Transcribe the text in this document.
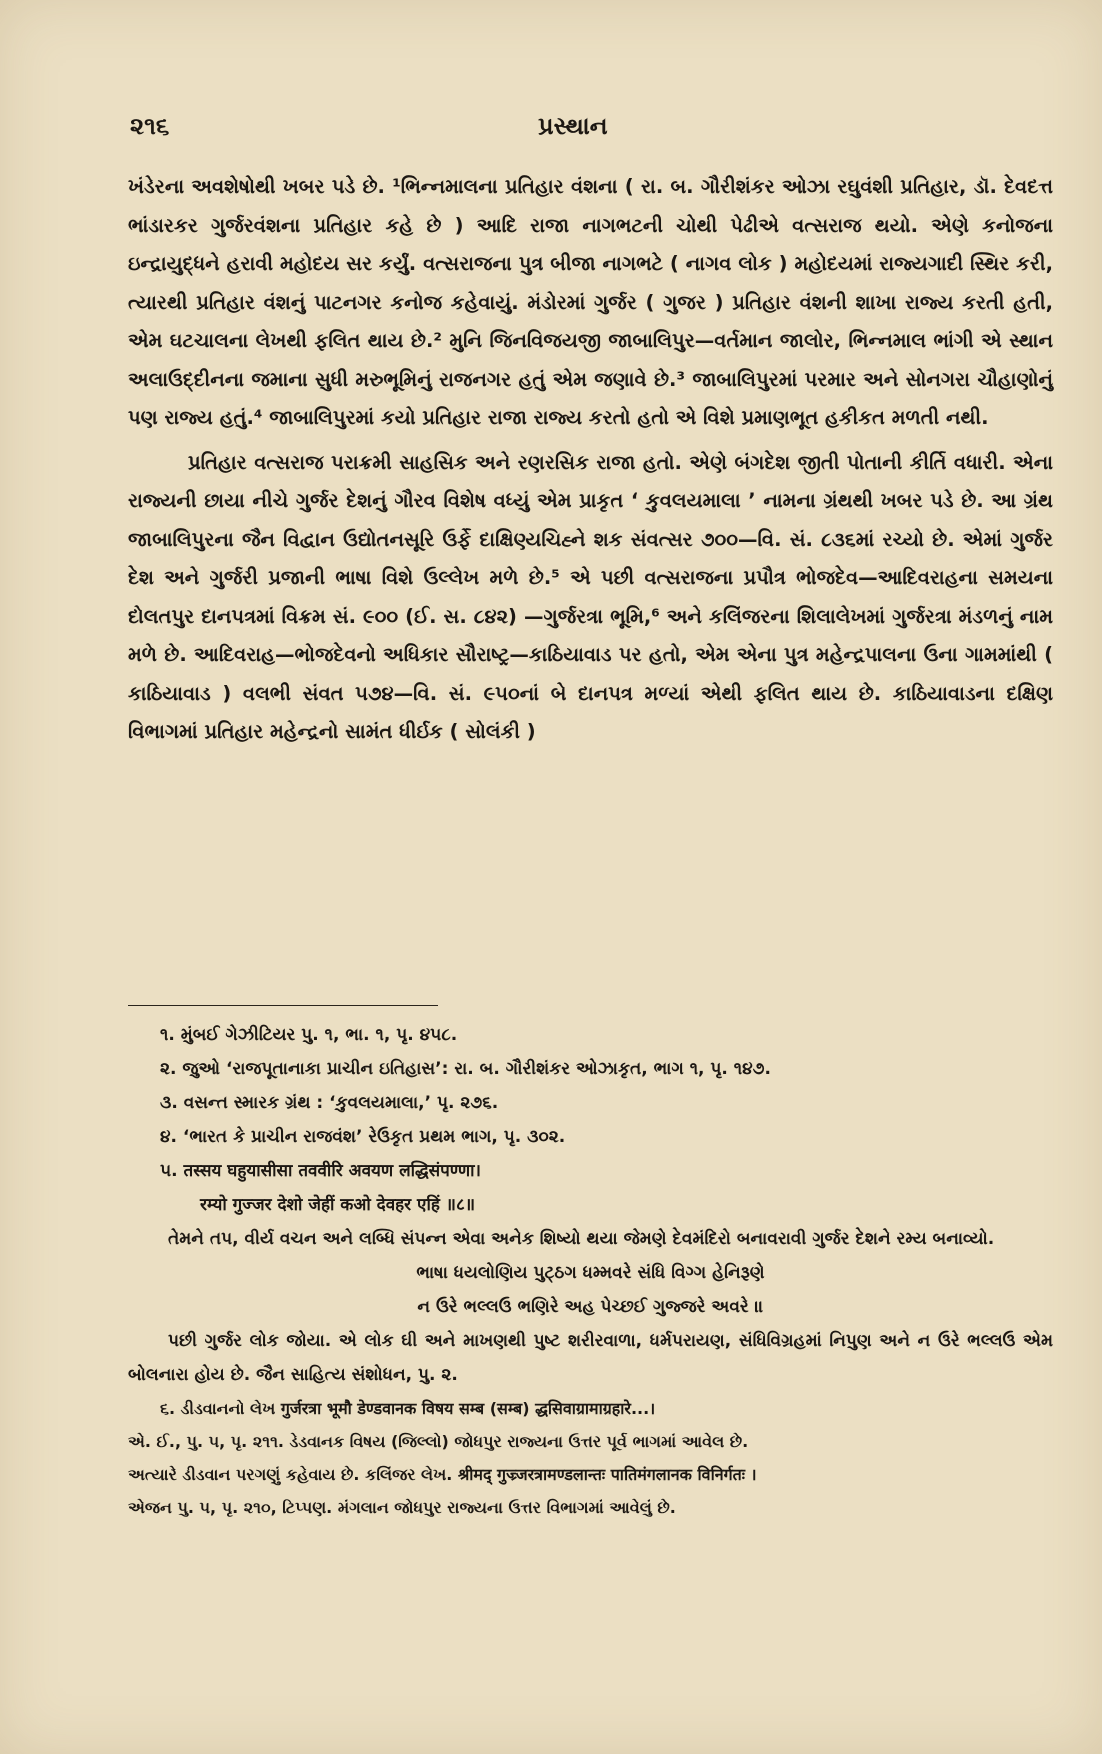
૨૧૬	પ્રસ્થાન

ખંડેરના અવશેષોથી ખબર પડે છે. ¹ભિન્નમાલના પ્રતિહાર વંશના ( રા. બ. ગૌરીશંકર ઓઝા રઘુવંશી પ્રતિહાર, ડૉ. દેવદત્ત ભાંડારકર ગુર્જરવંશના પ્રતિહાર કહે છે ) આદિ રાજા નાગભટની ચોથી પેઢીએ વત્સરાજ થયો. એણે કનોજના ઇન્દ્રાયુદ્ધને હરાવી મહોદય સર કર્યું. વત્સરાજના પુત્ર બીજા નાગભટે ( નાગવ લોક ) મહોદયમાં રાજ્યગાદી સ્થિર કરી, ત્યારથી પ્રતિહાર વંશનું પાટનગર કનોજ કહેવાયું. મંડોરમાં ગુર્જર ( ગુજર ) પ્રતિહાર વંશની શાખા રાજ્ય કરતી હતી, એમ ઘટચાલના લેખથી ફલિત થાય છે.² મુનિ જિનવિજયજી જાબાલિપુર—વર્તમાન જાલોર, ભિન્નમાલ ભાંગી એ સ્થાન અલાઉદ્દીનના જમાના સુધી મરુભૂમિનું રાજનગર હતું એમ જણાવે છે.³ જાબાલિપુરમાં પરમાર અને સોનગરા ચૌહાણોનું પણ રાજ્ય હતું.⁴ જાબાલિપુરમાં કયો પ્રતિહાર રાજા રાજ્ય કરતો હતો એ વિશે પ્રમાણભૂત હકીકત મળતી નથી.

પ્રતિહાર વત્સરાજ પરાક્રમી સાહસિક અને રણરસિક રાજા હતો. એણે બંગદેશ જીતી પોતાની કીર્તિ વધારી. એના રાજ્યની છાયા નીચે ગુર્જર દેશનું ગૌરવ વિશેષ વધ્યું એમ પ્રાકૃત ‘ કુવલયમાલા ’ નામના ગ્રંથથી ખબર પડે છે. આ ગ્રંથ જાબાલિપુરના જૈન વિદ્વાન ઉદ્યોતનસૂરિ ઉર્ફે દાક્ષિણ્યચિહ્ને શક સંવત્સર ૭૦૦—વિ. સં. ૮૩૬માં રચ્યો છે. એમાં ગુર્જર દેશ અને ગુર્જરી પ્રજાની ભાષા વિશે ઉલ્લેખ મળે છે.⁵ એ પછી વત્સરાજના પ્રપૌત્ર ભોજદેવ—આદિવરાહના સમયના દોલતપુર દાનપત્રમાં વિક્રમ સં. ૯૦૦ (ઈ. સ. ૮૪૨) —ગુર્જરત્રા ભૂમિ,⁶ અને કલિંજરના શિલાલેખમાં ગુર્જરત્રા મંડળનું નામ મળે છે. આદિવરાહ—ભોજદેવનો અધિકાર સૌરાષ્ટ્ર—કાઠિયાવાડ પર હતો, એમ એના પુત્ર મહેન્દ્રપાલના ઉના ગામમાંથી ( કાઠિયાવાડ ) વલભી સંવત ૫૭૪—વિ. સં. ૯૫૦નાં બે દાનપત્ર મળ્યાં એથી ફલિત થાય છે. કાઠિયાવાડના દક્ષિણ વિભાગમાં પ્રતિહાર મહેન્દ્રનો સામંત ધીર્ઇક ( સોલંકી )

૧. મુંબઈ ગેઝીટિયર પુ. ૧, ભા. ૧, પૃ. ૪૫૮.

૨. જુઓ ‘રાજપૂતાનાકા પ્રાચીન ઇતિહાસ’: રા. બ. ગૌરીશંકર ઓઝાકૃત, ભાગ ૧, પૃ. ૧૪૭.

૩. વસન્ત સ્મારક ગ્રંથ : ‘કુવલયમાલા,’ પૃ. ૨૭૬.

૪. ‘ભારત કે પ્રાચીન રાજવંશ’ રેઉકૃત પ્રથમ ભાગ, પૃ. ૩૦૨.

૫. तस्सय घहुयासीसा तववीरि अवयण लद्धिसंपण्णा।

रम्यो गुज्जर देशो जेहीं कओ देवहर एहिं ॥८॥

તેમને તપ, વીર્ય વચન અને લબ્ધિ સંપન્ન એવા અનેક શિષ્યો થયા જેમણે દેવમંદિરો બનાવરાવી ગુર્જર દેશને રમ્ય બનાવ્યો.

ભાષા ધયલોણિય પુટ્ઠગ ધમ્મવરે સંધિ વિગ્ગ હેનિરૂણે

ન ઉરે ભલ્લઉ ભણિરે અહ પેચ્છઈ ગુજ્જરે અવરે ॥

પછી ગુર્જર લોક જોયા. એ લોક ઘી અને માખણથી પુષ્ટ શરીરવાળા, ધર્મપરાયણ, સંધિવિગ્રહમાં નિપુણ અને ન ઉરે ભલ્લઉ એમ બોલનારા હોય છે. જૈન સાહિત્ય સંશોધન, પુ. ૨.

૬. ડીડવાનનો લેખ गुर्जरत्रा भूमौ डेण्डवानक विषय सम्ब (सम्ब) द्धसिवाग्रामाग्रहारे...।

એ. ઈ., પુ. ૫, પૃ. ૨૧૧. ડેડવાનક વિષય (જિલ્લો) જોધપુર રાજ્યના ઉત્તર પૂર્વ ભાગમાં આવેલ છે.

અત્યારે ડીડવાન પરગણું કહેવાય છે. કલિંજર લેખ. श्रीमद् गुज्र्जरत्रामण्डलान्तः पातिमंगलानक विनिर्गतः ।

એજન પુ. ૫, પૃ. ૨૧૦, ટિપ્પણ. મંગલાન જોધપુર રાજ્યના ઉત્તર વિભાગમાં આવેલું છે.
